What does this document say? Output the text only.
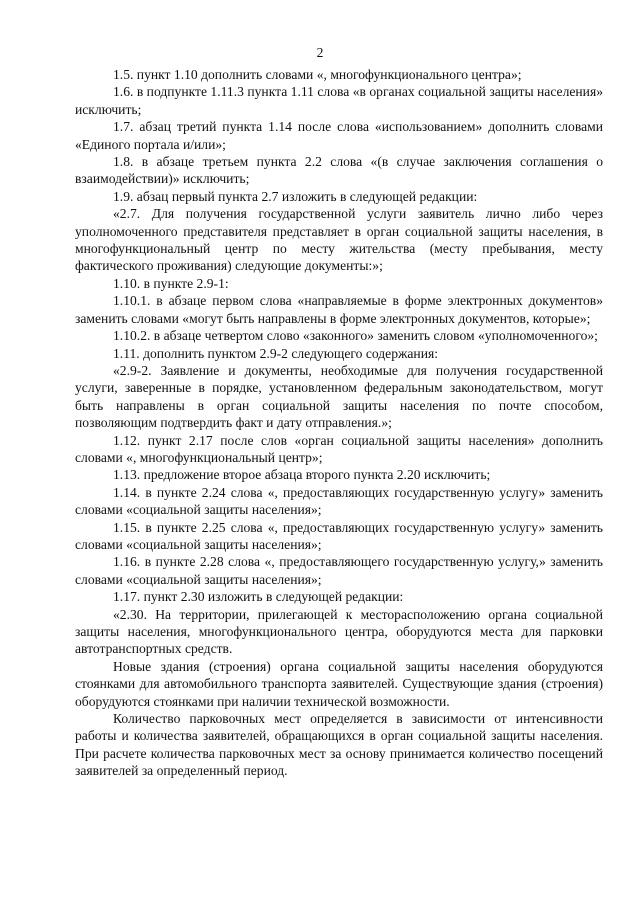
2

1.5. пункт 1.10 дополнить словами «, многофункционального центра»;

1.6. в подпункте 1.11.3 пункта 1.11 слова «в органах социальной защиты населения» исключить;

1.7. абзац третий пункта 1.14 после слова «использованием» дополнить словами «Единого портала и/или»;

1.8. в абзаце третьем пункта 2.2 слова «(в случае заключения соглашения о взаимодействии)» исключить;

1.9. абзац первый пункта 2.7 изложить в следующей редакции:

«2.7. Для получения государственной услуги заявитель лично либо через уполномоченного представителя представляет в орган социальной защиты населения, в многофункциональный центр по месту жительства (месту пребывания, месту фактического проживания) следующие документы:»;

1.10. в пункте 2.9-1:

1.10.1. в абзаце первом слова «направляемые в форме электронных документов» заменить словами «могут быть направлены в форме электронных документов, которые»;

1.10.2. в абзаце четвертом слово «законного» заменить словом «уполномоченного»;

1.11. дополнить пунктом 2.9-2 следующего содержания:

«2.9-2. Заявление и документы, необходимые для получения государственной услуги, заверенные в порядке, установленном федеральным законодательством, могут быть направлены в орган социальной защиты населения по почте способом, позволяющим подтвердить факт и дату отправления.»;

1.12. пункт 2.17 после слов «орган социальной защиты населения» дополнить словами «, многофункциональный центр»;

1.13. предложение второе абзаца второго пункта 2.20 исключить;

1.14. в пункте 2.24 слова «, предоставляющих государственную услугу» заменить словами «социальной защиты населения»;

1.15. в пункте 2.25 слова «, предоставляющих государственную услугу» заменить словами «социальной защиты населения»;

1.16. в пункте 2.28 слова «, предоставляющего государственную услугу,» заменить словами «социальной защиты населения»;

1.17. пункт 2.30 изложить в следующей редакции:

«2.30. На территории, прилегающей к месторасположению органа социальной защиты населения, многофункционального центра, оборудуются места для парковки автотранспортных средств.

Новые здания (строения) органа социальной защиты населения оборудуются стоянками для автомобильного транспорта заявителей. Существующие здания (строения) оборудуются стоянками при наличии технической возможности.

Количество парковочных мест определяется в зависимости от интенсивности работы и количества заявителей, обращающихся в орган социальной защиты населения. При расчете количества парковочных мест за основу принимается количество посещений заявителей за определенный период.
